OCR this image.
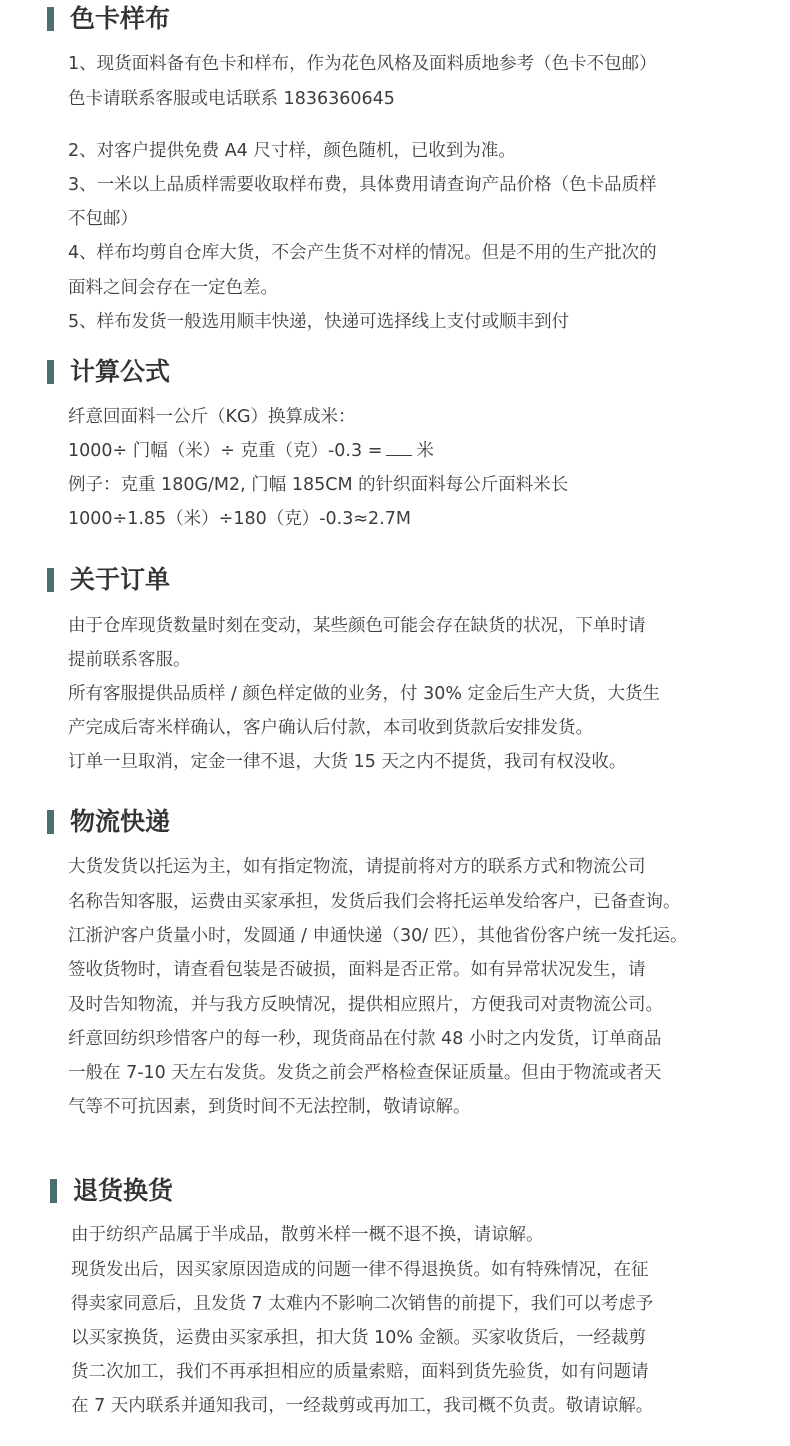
色卡样布
1、现货面料备有色卡和样布，作为花色风格及面料质地参考（色卡不包邮）
色卡请联系客服或电话联系 1836360645
2、对客户提供免费 A4 尺寸样，颜色随机，已收到为准。
3、一米以上品质样需要收取样布费，具体费用请查询产品价格（色卡品质样
不包邮）
4、样布均剪自仓库大货，不会产生货不对样的情况。但是不用的生产批次的
面料之间会存在一定色差。
5、样布发货一般选用顺丰快递，快递可选择线上支付或顺丰到付
计算公式
纤意回面料一公斤（KG）换算成米：
1000÷ 门幅（米）÷ 克重（克）-0.3 = 米
例子：克重 180G/M2, 门幅 185CM 的针织面料每公斤面料米长
1000÷1.85（米）÷180（克）-0.3≈2.7M
关于订单
由于仓库现货数量时刻在变动，某些颜色可能会存在缺货的状况，下单时请
提前联系客服。
所有客服提供品质样 / 颜色样定做的业务，付 30% 定金后生产大货，大货生
产完成后寄米样确认，客户确认后付款，本司收到货款后安排发货。
订单一旦取消，定金一律不退，大货 15 天之内不提货，我司有权没收。
物流快递
大货发货以托运为主，如有指定物流，请提前将对方的联系方式和物流公司
名称告知客服，运费由买家承担，发货后我们会将托运单发给客户，已备查询。
江浙沪客户货量小时，发圆通 / 申通快递（30/ 匹），其他省份客户统一发托运。
签收货物时，请查看包装是否破损，面料是否正常。如有异常状况发生，请
及时告知物流，并与我方反映情况，提供相应照片，方便我司对责物流公司。
纤意回纺织珍惜客户的每一秒，现货商品在付款 48 小时之内发货，订单商品
一般在 7-10 天左右发货。发货之前会严格检查保证质量。但由于物流或者天
气等不可抗因素，到货时间不无法控制，敬请谅解。
退货换货
由于纺织产品属于半成品，散剪米样一概不退不换，请谅解。
现货发出后，因买家原因造成的问题一律不得退换货。如有特殊情况，在征
得卖家同意后，且发货 7 太难内不影响二次销售的前提下，我们可以考虑予
以买家换货，运费由买家承担，扣大货 10% 金额。买家收货后，一经裁剪
货二次加工，我们不再承担相应的质量索赔，面料到货先验货，如有问题请
在 7 天内联系并通知我司，一经裁剪或再加工，我司概不负责。敬请谅解。
